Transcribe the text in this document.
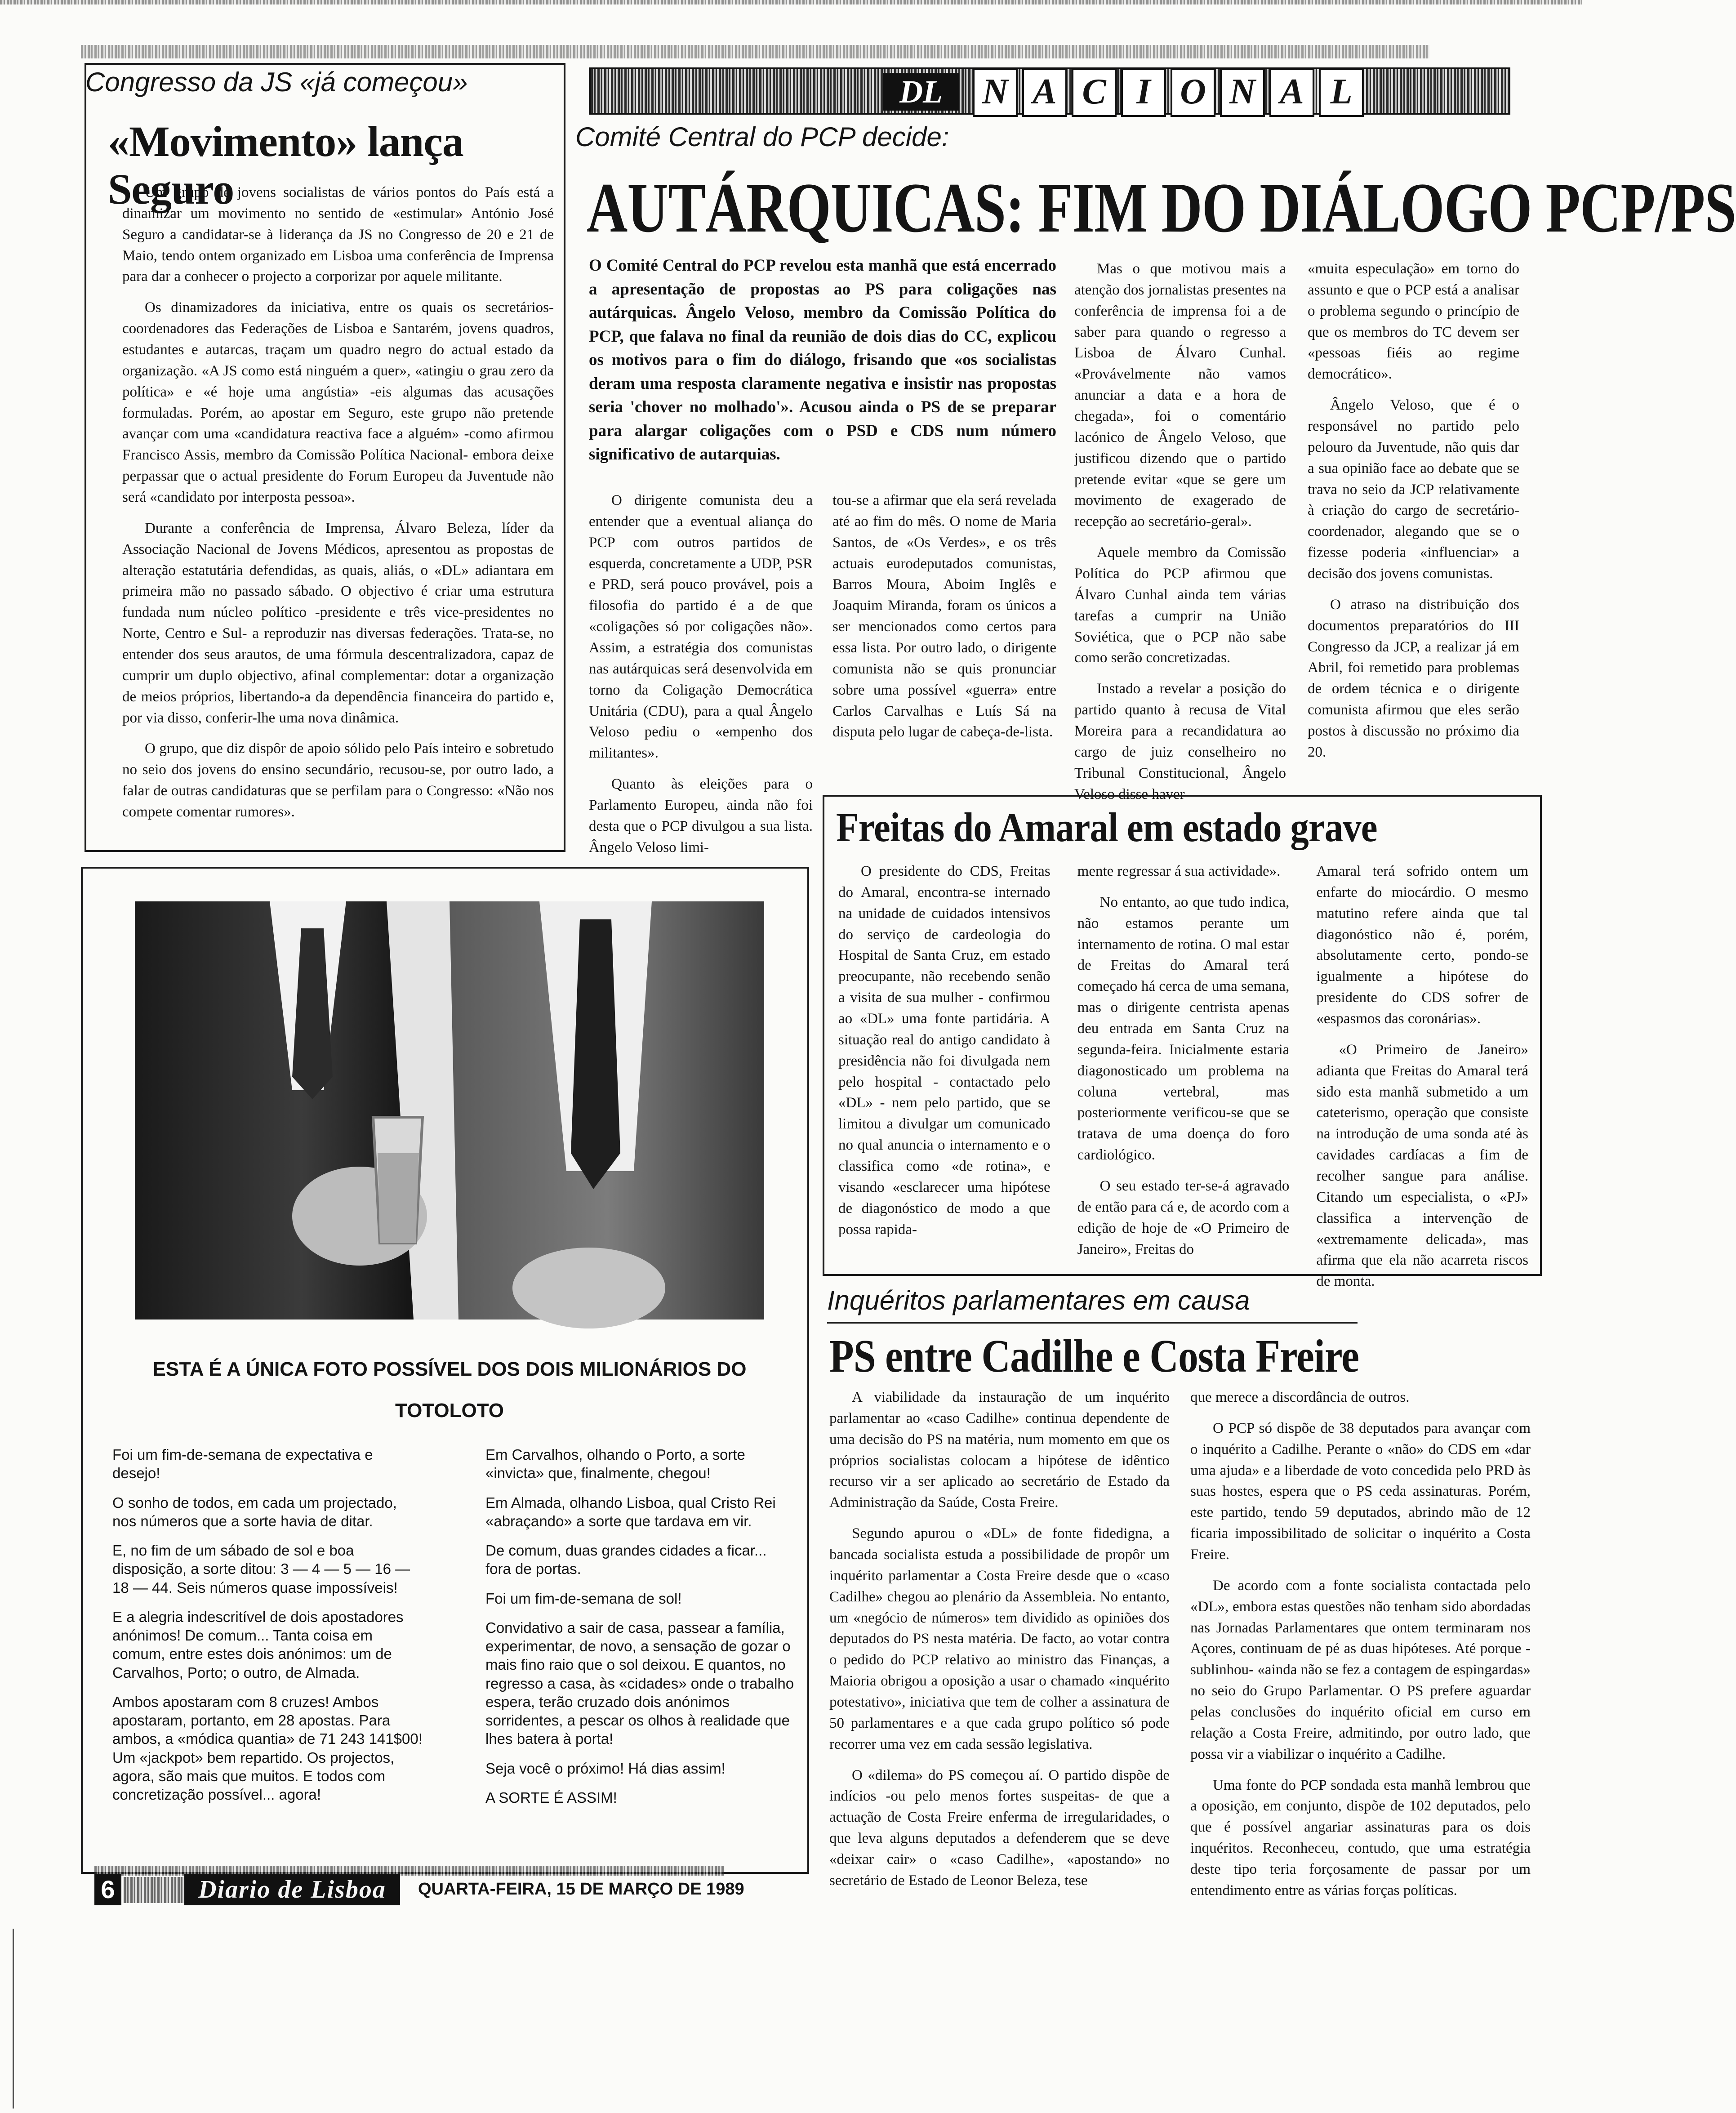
Congresso da JS «já começou»
«Movimento» lança Seguro

Um grupo de jovens socialistas de vários pontos do País está a dinamizar um movimento no sentido de «estimular» António José Seguro a candidatar-se à liderança da JS no Congresso de 20 e 21 de Maio, tendo ontem organizado em Lisboa uma conferência de Imprensa para dar a conhecer o projecto a corporizar por aquele militante.

Os dinamizadores da iniciativa, entre os quais os secretários-coordenadores das Federações de Lisboa e Santarém, jovens quadros, estudantes e autarcas, traçam um quadro negro do actual estado da organização. «A JS como está ninguém a quer», «atingiu o grau zero da política» e «é hoje uma angústia» -eis algumas das acusações formuladas. Porém, ao apostar em Seguro, este grupo não pretende avançar com uma «candidatura reactiva face a alguém» -como afirmou Francisco Assis, membro da Comissão Política Nacional- embora deixe perpassar que o actual presidente do Forum Europeu da Juventude não será «candidato por interposta pessoa».

Durante a conferência de Imprensa, Álvaro Beleza, líder da Associação Nacional de Jovens Médicos, apresentou as propostas de alteração estatutária defendidas, as quais, aliás, o «DL» adiantara em primeira mão no passado sábado. O objectivo é criar uma estrutura fundada num núcleo político -presidente e três vice-presidentes no Norte, Centro e Sul- a reproduzir nas diversas federações. Trata-se, no entender dos seus arautos, de uma fórmula descentralizadora, capaz de cumprir um duplo objectivo, afinal complementar: dotar a organização de meios próprios, libertando-a da dependência financeira do partido e, por via disso, conferir-lhe uma nova dinâmica.

O grupo, que diz dispôr de apoio sólido pelo País inteiro e sobretudo no seio dos jovens do ensino secundário, recusou-se, por outro lado, a falar de outras candidaturas que se perfilam para o Congresso: «Não nos compete comentar rumores».

DL	N A C I O N A L
Comité Central do PCP decide:
AUTÁRQUICAS: FIM DO DIÁLOGO PCP/PS

O Comité Central do PCP revelou esta manhã que está encerrado a apresentação de propostas ao PS para coligações nas autárquicas. Ângelo Veloso, membro da Comissão Política do PCP, que falava no final da reunião de dois dias do CC, explicou os motivos para o fim do diálogo, frisando que «os socialistas deram uma resposta claramente negativa e insistir nas propostas seria 'chover no molhado'». Acusou ainda o PS de se preparar para alargar coligações com o PSD e CDS num número significativo de autarquias.

O dirigente comunista deu a entender que a eventual aliança do PCP com outros partidos de esquerda, concretamente a UDP, PSR e PRD, será pouco provável, pois a filosofia do partido é a de que «coligações só por coligações não». Assim, a estratégia dos comunistas nas autárquicas será desenvolvida em torno da Coligação Democrática Unitária (CDU), para a qual Ângelo Veloso pediu o «empenho dos militantes».

Quanto às eleições para o Parlamento Europeu, ainda não foi desta que o PCP divulgou a sua lista. Ângelo Veloso limi-

tou-se a afirmar que ela será revelada até ao fim do mês. O nome de Maria Santos, de «Os Verdes», e os três actuais eurodeputados comunistas, Barros Moura, Aboim Inglês e Joaquim Miranda, foram os únicos a ser mencionados como certos para essa lista. Por outro lado, o dirigente comunista não se quis pronunciar sobre uma possível «guerra» entre Carlos Carvalhas e Luís Sá na disputa pelo lugar de cabeça-de-lista.

Mas o que motivou mais a atenção dos jornalistas presentes na conferência de imprensa foi a de saber para quando o regresso a Lisboa de Álvaro Cunhal. «Provávelmente não vamos anunciar a data e a hora de chegada», foi o comentário lacónico de Ângelo Veloso, que justificou dizendo que o partido pretende evitar «que se gere um movimento de exagerado de recepção ao secretário-geral».

Aquele membro da Comissão Política do PCP afirmou que Álvaro Cunhal ainda tem várias tarefas a cumprir na União Soviética, que o PCP não sabe como serão concretizadas.

Instado a revelar a posição do partido quanto à recusa de Vital Moreira para a recandidatura ao cargo de juiz conselheiro no Tribunal Constitucional, Ângelo Veloso disse haver

«muita especulação» em torno do assunto e que o PCP está a analisar o problema segundo o princípio de que os membros do TC devem ser «pessoas fiéis ao regime democrático».

Ângelo Veloso, que é o responsável no partido pelo pelouro da Juventude, não quis dar a sua opinião face ao debate que se trava no seio da JCP relativamente à criação do cargo de secretário-coordenador, alegando que se o fizesse poderia «influenciar» a decisão dos jovens comunistas.

O atraso na distribuição dos documentos preparatórios do III Congresso da JCP, a realizar já em Abril, foi remetido para problemas de ordem técnica e o dirigente comunista afirmou que eles serão postos à discussão no próximo dia 20.

Freitas do Amaral em estado grave

O presidente do CDS, Freitas do Amaral, encontra-se internado na unidade de cuidados intensivos do serviço de cardeologia do Hospital de Santa Cruz, em estado preocupante, não recebendo senão a visita de sua mulher - confirmou ao «DL» uma fonte partidária. A situação real do antigo candidato à presidência não foi divulgada nem pelo hospital - contactado pelo «DL» - nem pelo partido, que se limitou a divulgar um comunicado no qual anuncia o internamento e o classifica como «de rotina», e visando «esclarecer uma hipótese de diagonóstico de modo a que possa rapida-

mente regressar á sua actividade».

No entanto, ao que tudo indica, não estamos perante um internamento de rotina. O mal estar de Freitas do Amaral terá começado há cerca de uma semana, mas o dirigente centrista apenas deu entrada em Santa Cruz na segunda-feira. Inicialmente estaria diagonosticado um problema na coluna vertebral, mas posteriormente verificou-se que se tratava de uma doença do foro cardiológico.

O seu estado ter-se-á agravado de então para cá e, de acordo com a edição de hoje de «O Primeiro de Janeiro», Freitas do

Amaral terá sofrido ontem um enfarte do miocárdio. O mesmo matutino refere ainda que tal diagonóstico não é, porém, absolutamente certo, pondo-se igualmente a hipótese do presidente do CDS sofrer de «espasmos das coronárias».

«O Primeiro de Janeiro» adianta que Freitas do Amaral terá sido esta manhã submetido a um cateterismo, operação que consiste na introdução de uma sonda até às cavidades cardíacas a fim de recolher sangue para análise. Citando um especialista, o «PJ» classifica a intervenção de «extremamente delicada», mas afirma que ela não acarreta riscos de monta.

ESTA É A ÚNICA FOTO POSSÍVEL DOS DOIS MILIONÁRIOS DO TOTOLOTO

Foi um fim-de-semana de expectativa e desejo!

O sonho de todos, em cada um projectado, nos números que a sorte havia de ditar.

E, no fim de um sábado de sol e boa disposição, a sorte ditou: 3 — 4 — 5 — 16 — 18 — 44. Seis números quase impossíveis!

E a alegria indescritível de dois apostadores anónimos! De comum... Tanta coisa em comum, entre estes dois anónimos: um de Carvalhos, Porto; o outro, de Almada.

Ambos apostaram com 8 cruzes! Ambos apostaram, portanto, em 28 apostas. Para ambos, a «módica quantia» de 71 243 141$00! Um «jackpot» bem repartido. Os projectos, agora, são mais que muitos. E todos com concretização possível... agora!

Em Carvalhos, olhando o Porto, a sorte «invicta» que, finalmente, chegou!

Em Almada, olhando Lisboa, qual Cristo Rei «abraçando» a sorte que tardava em vir.

De comum, duas grandes cidades a ficar... fora de portas.

Foi um fim-de-semana de sol!

Convidativo a sair de casa, passear a família, experimentar, de novo, a sensação de gozar o mais fino raio que o sol deixou. E quantos, no regresso a casa, às «cidades» onde o trabalho espera, terão cruzado dois anónimos sorridentes, a pescar os olhos à realidade que lhes batera à porta!

Seja você o próximo! Há dias assim!

A SORTE É ASSIM!

Inquéritos parlamentares em causa
PS entre Cadilhe e Costa Freire

A viabilidade da instauração de um inquérito parlamentar ao «caso Cadilhe» continua dependente de uma decisão do PS na matéria, num momento em que os próprios socialistas colocam a hipótese de idêntico recurso vir a ser aplicado ao secretário de Estado da Administração da Saúde, Costa Freire.

Segundo apurou o «DL» de fonte fidedigna, a bancada socialista estuda a possibilidade de propôr um inquérito parlamentar a Costa Freire desde que o «caso Cadilhe» chegou ao plenário da Assembleia. No entanto, um «negócio de números» tem dividido as opiniões dos deputados do PS nesta matéria. De facto, ao votar contra o pedido do PCP relativo ao ministro das Finanças, a Maioria obrigou a oposição a usar o chamado «inquérito potestativo», iniciativa que tem de colher a assinatura de 50 parlamentares e a que cada grupo político só pode recorrer uma vez em cada sessão legislativa.

O «dilema» do PS começou aí. O partido dispõe de indícios -ou pelo menos fortes suspeitas- de que a actuação de Costa Freire enferma de irregularidades, o que leva alguns deputados a defenderem que se deve «deixar cair» o «caso Cadilhe», «apostando» no secretário de Estado de Leonor Beleza, tese

que merece a discordância de outros.

O PCP só dispõe de 38 deputados para avançar com o inquérito a Cadilhe. Perante o «não» do CDS em «dar uma ajuda» e a liberdade de voto concedida pelo PRD às suas hostes, espera que o PS ceda assinaturas. Porém, este partido, tendo 59 deputados, abrindo mão de 12 ficaria impossibilitado de solicitar o inquérito a Costa Freire.

De acordo com a fonte socialista contactada pelo «DL», embora estas questões não tenham sido abordadas nas Jornadas Parlamentares que ontem terminaram nos Açores, continuam de pé as duas hipóteses. Até porque -sublinhou- «ainda não se fez a contagem de espingardas» no seio do Grupo Parlamentar. O PS prefere aguardar pelas conclusões do inquérito oficial em curso em relação a Costa Freire, admitindo, por outro lado, que possa vir a viabilizar o inquérito a Cadilhe.

Uma fonte do PCP sondada esta manhã lembrou que a oposição, em conjunto, dispõe de 102 deputados, pelo que é possível angariar assinaturas para os dois inquéritos. Reconheceu, contudo, que uma estratégia deste tipo teria forçosamente de passar por um entendimento entre as várias forças políticas.

6	Diario de Lisboa	QUARTA-FEIRA, 15 DE MARÇO DE 1989
